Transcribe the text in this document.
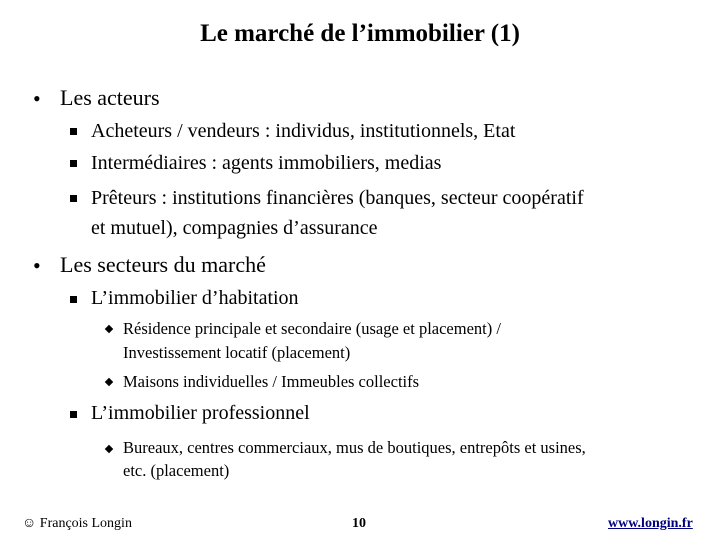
Le marché de l’immobilier (1)
• Les acteurs
Acheteurs / vendeurs : individus, institutionnels, Etat
Intermédiaires : agents immobiliers, medias
Prêteurs : institutions financières (banques, secteur coopératif
et mutuel), compagnies d’assurance
• Les secteurs du marché
L’immobilier d’habitation
Résidence principale et secondaire (usage et placement) /
Investissement locatif (placement)
Maisons individuelles / Immeubles collectifs
L’immobilier professionnel
Bureaux, centres commerciaux, mus de boutiques, entrepôts et usines,
etc. (placement)
☺ François Longin	10	www.longin.fr
